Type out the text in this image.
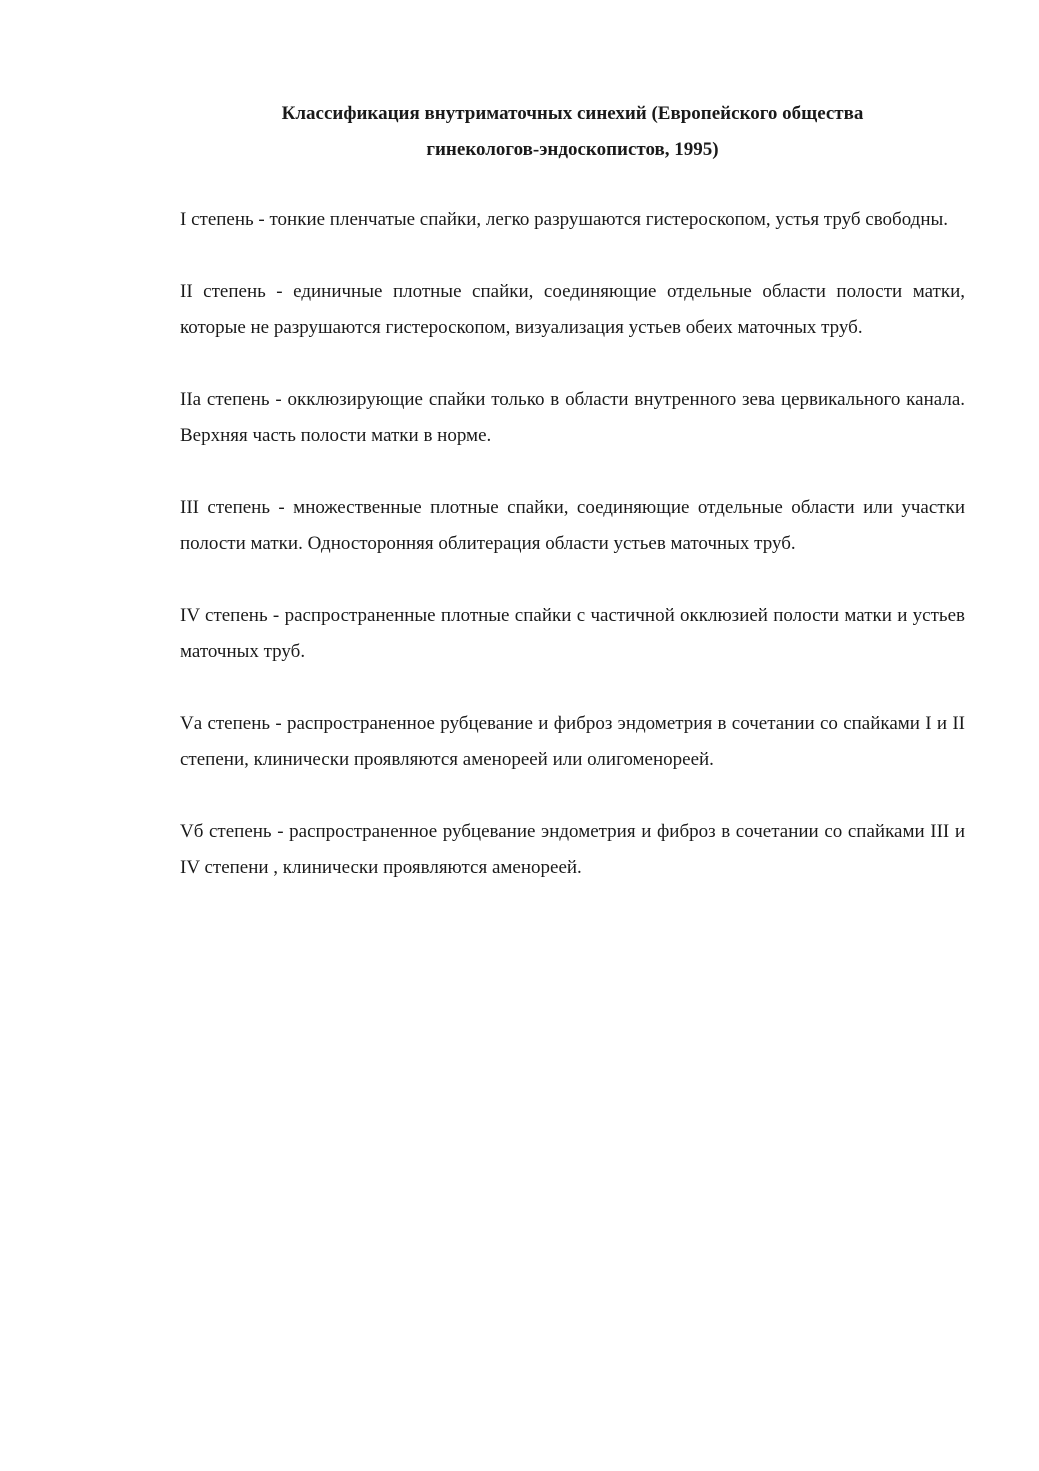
Классификация внутриматочных синехий (Европейского общества
гинекологов-эндоскопистов, 1995)

I степень - тонкие пленчатые спайки, легко разрушаются гистероскопом, устья труб свободны.

II степень - единичные плотные спайки, соединяющие отдельные области полости матки, которые не разрушаются гистероскопом, визуализация устьев обеих маточных труб.

IIа степень - окклюзирующие спайки только в области внутренного зева цервикального канала. Верхняя часть полости матки в норме.

III степень - множественные плотные спайки, соединяющие отдельные области или участки полости матки. Односторонняя облитерация области устьев маточных труб.

IV степень - распространенные плотные спайки с частичной окклюзией полости матки и устьев маточных труб.

Vа степень - распространенное рубцевание и фиброз эндометрия в сочетании со спайками I и II степени, клинически проявляются аменореей или олигоменореей.

Vб степень - распространенное рубцевание эндометрия и фиброз в сочетании со спайками III и IV степени , клинически проявляются аменореей.
